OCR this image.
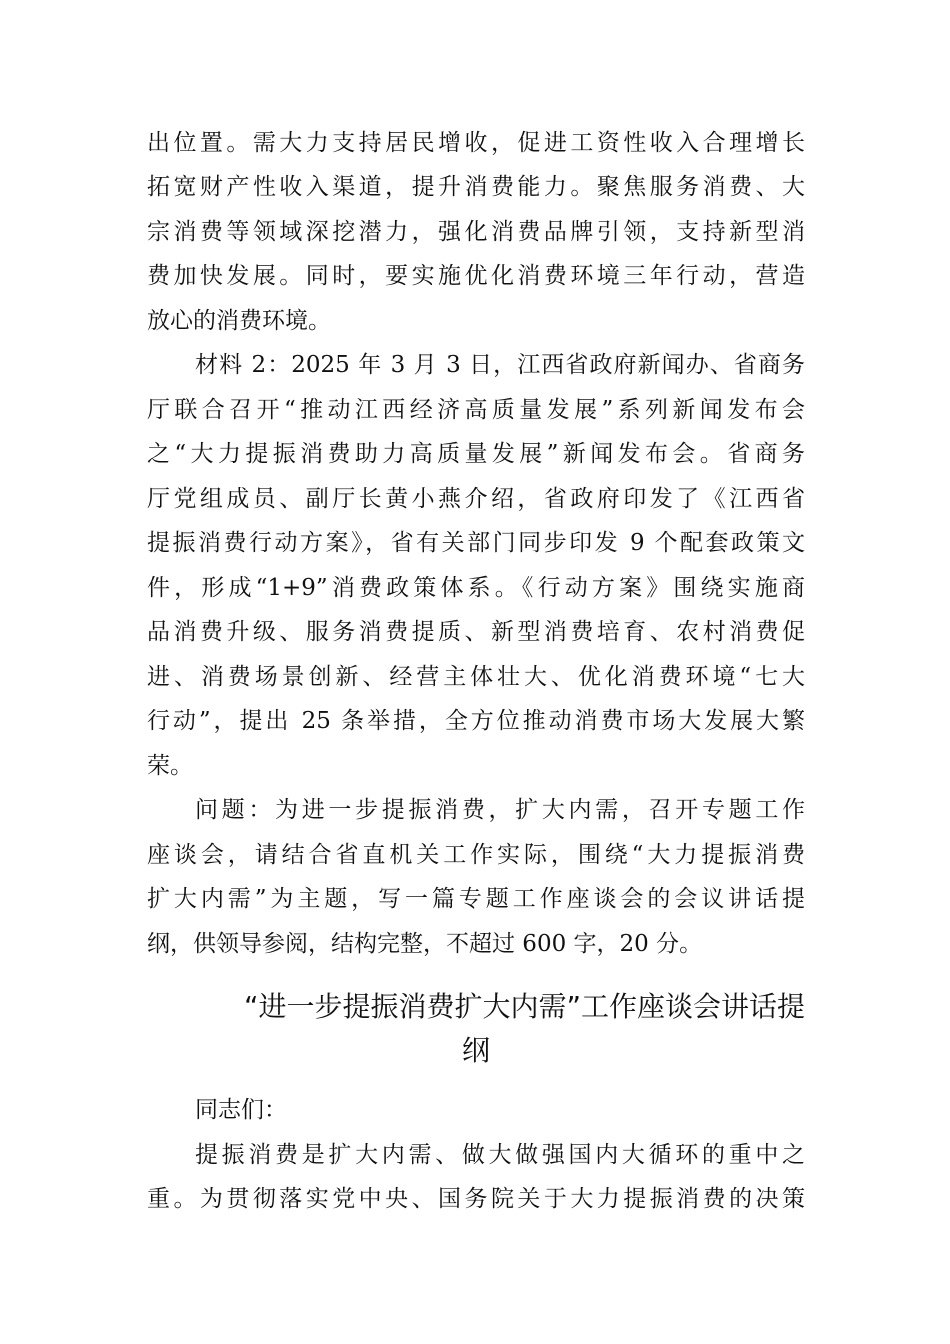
出位置。需大力支持居民增收，促进工资性收入合理增长
拓宽财产性收入渠道，提升消费能力。聚焦服务消费、大
宗消费等领域深挖潜力，强化消费品牌引领，支持新型消
费加快发展。同时，要实施优化消费环境三年行动，营造
放心的消费环境。
材料 2：2025 年 3 月 3 日，江西省政府新闻办、省商务
厅联合召开“推动江西经济高质量发展”系列新闻发布会
之“大力提振消费助力高质量发展”新闻发布会。省商务
厅党组成员、副厅长黄小燕介绍，省政府印发了《江西省
提振消费行动方案》，省有关部门同步印发 9 个配套政策文
件，形成“1+9”消费政策体系。《行动方案》围绕实施商
品消费升级、服务消费提质、新型消费培育、农村消费促
进、消费场景创新、经营主体壮大、优化消费环境“七大
行动”，提出 25 条举措，全方位推动消费市场大发展大繁
荣。
问题：为进一步提振消费，扩大内需，召开专题工作
座谈会，请结合省直机关工作实际，围绕“大力提振消费
扩大内需”为主题，写一篇专题工作座谈会的会议讲话提
纲，供领导参阅，结构完整，不超过 600 字，20 分。
“进一步提振消费扩大内需”工作座谈会讲话提
纲
同志们：
提振消费是扩大内需、做大做强国内大循环的重中之
重。为贯彻落实党中央、国务院关于大力提振消费的决策
